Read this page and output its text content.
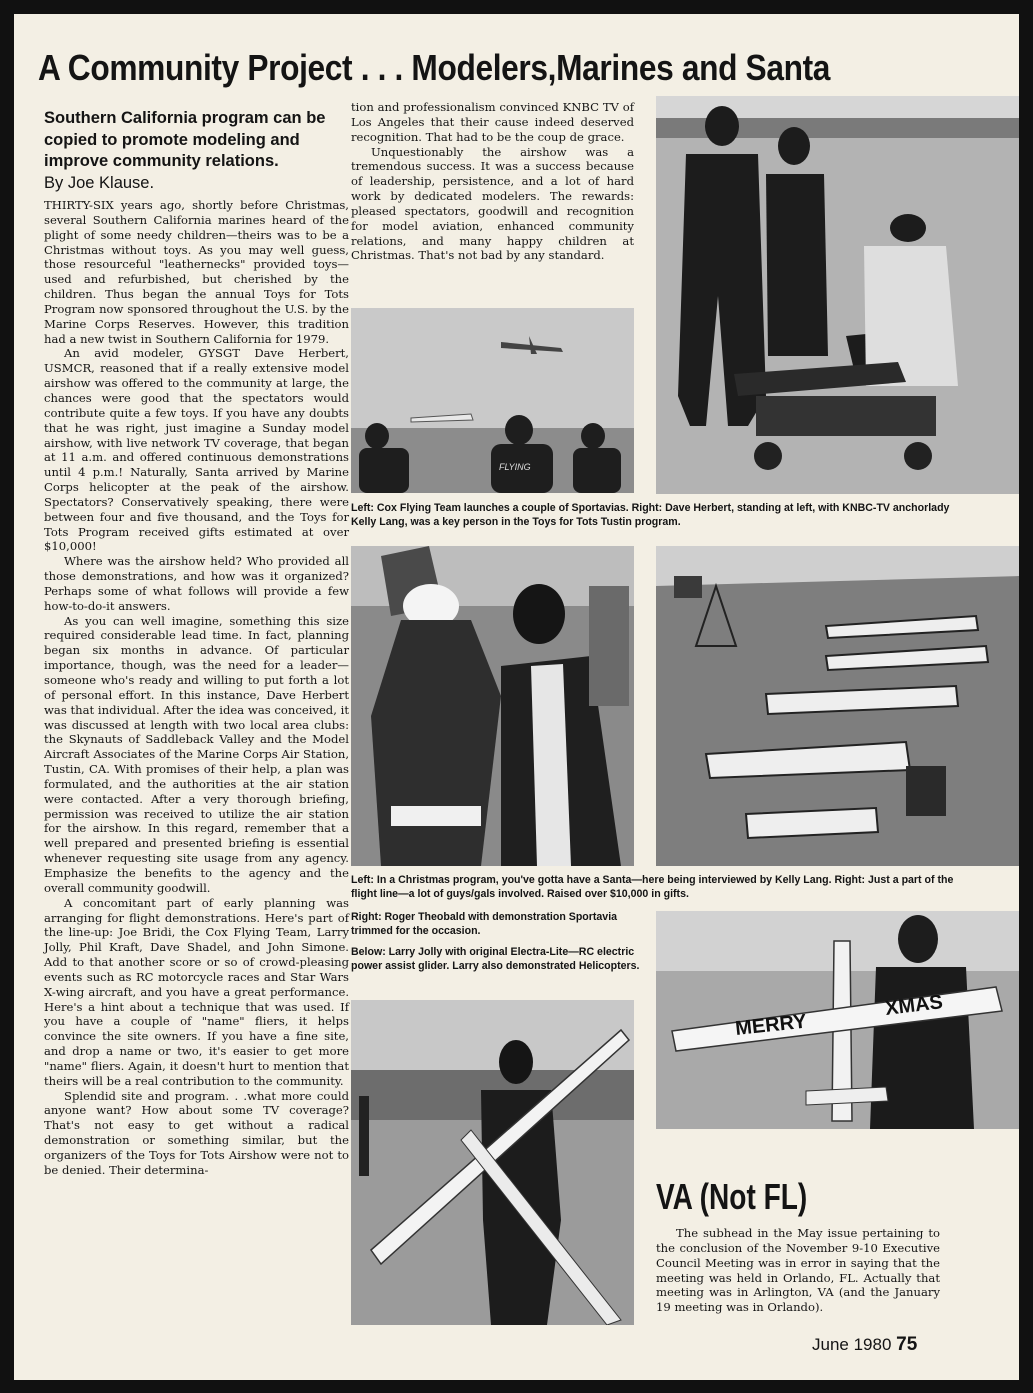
A Community Project . . . Modelers,Marines and Santa

Southern California program can be copied to promote modeling and improve community relations.
By Joe Klause.

THIRTY-SIX years ago, shortly before Christmas, several Southern California marines heard of the plight of some needy children—theirs was to be a Christmas without toys. As you may well guess, those resourceful "leathernecks" provided toys—used and refurbished, but cherished by the children. Thus began the annual Toys for Tots Program now sponsored throughout the U.S. by the Marine Corps Reserves. However, this tradition had a new twist in Southern California for 1979.

An avid modeler, GYSGT Dave Herbert, USMCR, reasoned that if a really extensive model airshow was offered to the community at large, the chances were good that the spectators would contribute quite a few toys. If you have any doubts that he was right, just imagine a Sunday model airshow, with live network TV coverage, that began at 11 a.m. and offered continuous demonstrations until 4 p.m.! Naturally, Santa arrived by Marine Corps helicopter at the peak of the airshow. Spectators? Conservatively speaking, there were between four and five thousand, and the Toys for Tots Program received gifts estimated at over $10,000!

Where was the airshow held? Who provided all those demonstrations, and how was it organized? Perhaps some of what follows will provide a few how-to-do-it answers.

As you can well imagine, something this size required considerable lead time. In fact, planning began six months in advance. Of particular importance, though, was the need for a leader—someone who's ready and willing to put forth a lot of personal effort. In this instance, Dave Herbert was that individual. After the idea was conceived, it was discussed at length with two local area clubs: the Skynauts of Saddleback Valley and the Model Aircraft Associates of the Marine Corps Air Station, Tustin, CA. With promises of their help, a plan was formulated, and the authorities at the air station were contacted. After a very thorough briefing, permission was received to utilize the air station for the airshow. In this regard, remember that a well prepared and presented briefing is essential whenever requesting site usage from any agency. Emphasize the benefits to the agency and the overall community goodwill.

A concomitant part of early planning was arranging for flight demonstrations. Here's part of the line-up: Joe Bridi, the Cox Flying Team, Larry Jolly, Phil Kraft, Dave Shadel, and John Simone. Add to that another score or so of crowd-pleasing events such as RC motorcycle races and Star Wars X-wing aircraft, and you have a great performance. Here's a hint about a technique that was used. If you have a couple of "name" fliers, it helps convince the site owners. If you have a fine site, and drop a name or two, it's easier to get more "name" fliers. Again, it doesn't hurt to mention that theirs will be a real contribution to the community.

Splendid site and program. . .what more could anyone want? How about some TV coverage? That's not easy to get without a radical demonstration or something similar, but the organizers of the Toys for Tots Airshow were not to be denied. Their determina-

tion and professionalism convinced KNBC TV of Los Angeles that their cause indeed deserved recognition. That had to be the coup de grace.

Unquestionably the airshow was a tremendous success. It was a success because of leadership, persistence, and a lot of hard work by dedicated modelers. The rewards: pleased spectators, goodwill and recognition for model aviation, enhanced community relations, and many happy children at Christmas. That's not bad by any standard.

FLYING

Left: Cox Flying Team launches a couple of Sportavias. Right: Dave Herbert, standing at left, with KNBC-TV anchorlady Kelly Lang, was a key person in the Toys for Tots Tustin program.

Left: In a Christmas program, you've gotta have a Santa—here being interviewed by Kelly Lang. Right: Just a part of the flight line—a lot of guys/gals involved. Raised over $10,000 in gifts.

Right: Roger Theobald with demonstration Sportavia trimmed for the occasion.

Below: Larry Jolly with original Electra-Lite—RC electric power assist glider. Larry also demonstrated Helicopters.

MERRY
XMAS
VA (Not FL)

The subhead in the May issue pertaining to the conclusion of the November 9-10 Executive Council Meeting was in error in saying that the meeting was held in Orlando, FL. Actually that meeting was in Arlington, VA (and the January 19 meeting was in Orlando).

June 1980 75
